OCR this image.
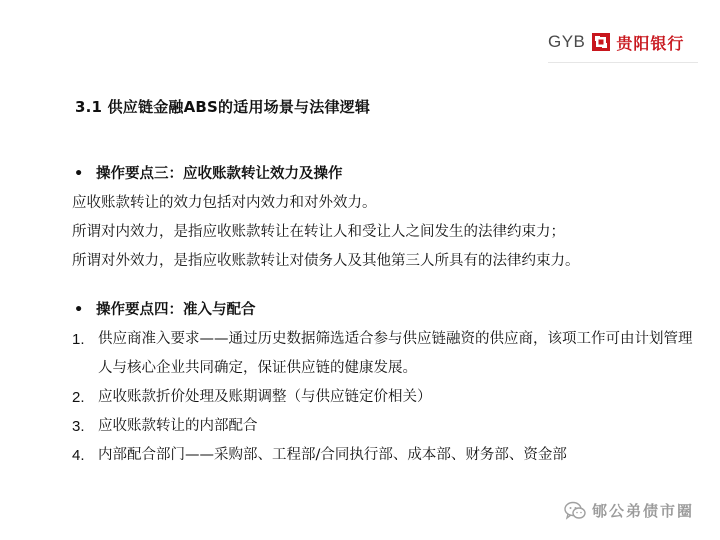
GYB 贵阳银行
3.1 供应链金融ABS的适用场景与法律逻辑
• 操作要点三：应收账款转让效力及操作
应收账款转让的效力包括对内效力和对外效力。
所谓对内效力，是指应收账款转让在转让人和受让人之间发生的法律约束力；
所谓对外效力，是指应收账款转让对债务人及其他第三人所具有的法律约束力。
• 操作要点四：准入与配合
1. 供应商准入要求——通过历史数据筛选适合参与供应链融资的供应商，该项工作可由计划管理人与核心企业共同确定，保证供应链的健康发展。
2. 应收账款折价处理及账期调整（与供应链定价相关）
3. 应收账款转让的内部配合
4. 内部配合部门——采购部、工程部/合同执行部、成本部、财务部、资金部
郇公弟债市圈
